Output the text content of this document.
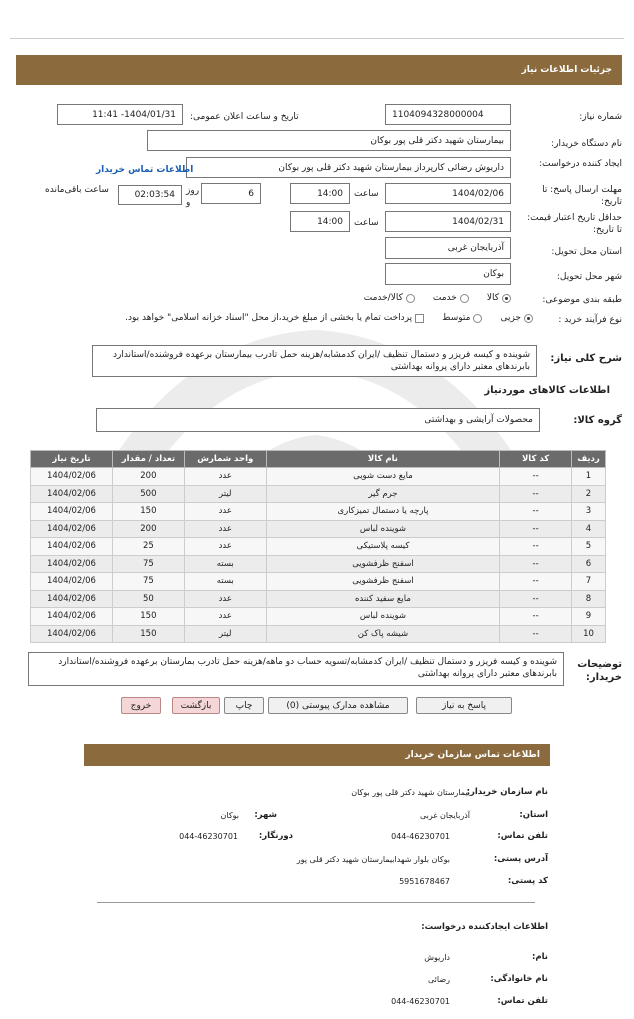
جزئیات اطلاعات نیاز
شماره نیاز:
1104094328000004
تاریخ و ساعت اعلان عمومی:
1404/01/31- 11:41
نام دستگاه خریدار:
بیمارستان شهید دکتر قلی پور بوکان
ایجاد کننده درخواست:
داریوش رضائی کارپرداز بیمارستان شهید دکتر قلی پور بوکان
اطلاعات تماس خریدار
مهلت ارسال پاسخ: تا تاریخ:
1404/02/06
ساعت
14:00
6
روز
و
02:03:54
ساعت باقی‌مانده
حداقل تاریخ اعتبار قیمت: تا تاریخ:
1404/02/31
ساعت
14:00
استان محل تحویل:
آذربایجان غربی
شهر محل تحویل:
بوکان
طبقه بندی موضوعی:
کالا
خدمت
کالا/خدمت
نوع فرآیند خرید :
جزیی
متوسط
پرداخت تمام یا بخشی از مبلغ خرید،از محل "اسناد خزانه اسلامی" خواهد بود.
شرح کلی نیاز:
شوینده و کیسه فریزر و دستمال تنظیف /ایران کدمشابه/هزینه حمل تادرب بیمارستان برعهده فروشنده/استاندارد بابرندهای معتبر دارای پروانه بهداشتی
اطلاعات کالاهای موردنیاز
گروه کالا:
محصولات آرایشی و بهداشتی
ردیف	کد کالا	نام کالا	واحد شمارش	تعداد / مقدار	تاریخ نیاز
1	--	مایع دست شویی	عدد	200	1404/02/06
2	--	جرم گیر	لیتر	500	1404/02/06
3	--	پارچه یا دستمال تمیزکاری	عدد	150	1404/02/06
4	--	شوینده لباس	عدد	200	1404/02/06
5	--	کیسه پلاستیکی	عدد	25	1404/02/06
6	--	اسفنج ظرفشویی	بسته	75	1404/02/06
7	--	اسفنج ظرفشویی	بسته	75	1404/02/06
8	--	مایع سفید کننده	عدد	50	1404/02/06
9	--	شوینده لباس	عدد	150	1404/02/06
10	--	شیشه پاک کن	لیتر	150	1404/02/06
توضیحات خریدار:
شوینده و کیسه فریزر و دستمال تنظیف /ایران کدمشابه/تسویه حساب دو ماهه/هزینه حمل تادرب بمارستان برعهده فروشنده/استاندارد بابرندهای معتبر دارای پروانه بهداشتی
پاسخ به نیاز
مشاهده مدارک پیوستی (0)
چاپ
بازگشت
خروج
اطلاعات تماس سازمان خریدار
نام سازمان خریدار:
بیمارستان شهید دکتر قلی پور بوکان
استان:
آذربایجان غربی
شهر:
بوکان
تلفن تماس:
044-46230701
دورنگار:
044-46230701
آدرس پستی:
بوکان بلوار شهدابیمارستان شهید دکتر قلی پور
کد پستی:
5951678467
اطلاعات ایجادکننده درخواست:
نام:
داریوش
نام خانوادگی:
رضائی
تلفن تماس:
044-46230701
